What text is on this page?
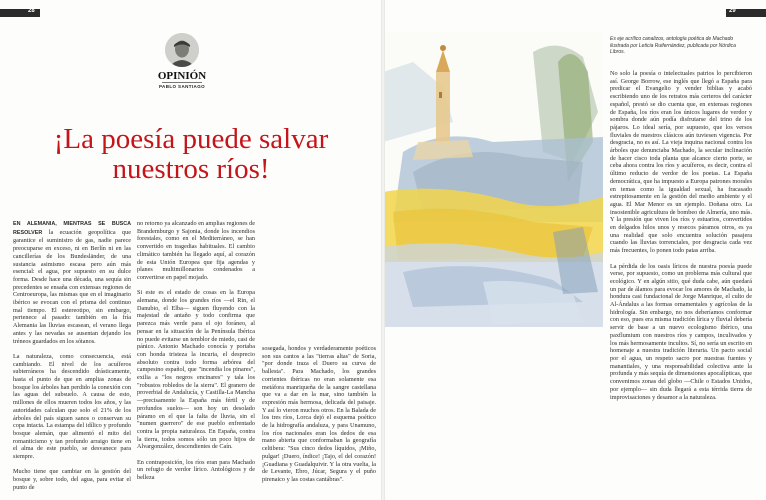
28
OPINIÓN
PABLO SANTIAGO
¡La poesía puede salvar nuestros ríos!

EN ALEMANIA, MIENTRAS SE BUSCA RESOLVER la ecuación geopolítica que garantice el suministro de gas, nadie parece preocuparse en exceso, ni en Berlín ni en las cancillerías de los Bundesländer, de una sustancia asimismo escasa pero aún más esencial: el agua, por supuesto en su dulce forma. Desde hace una década, una sequía sin precedentes se ensaña con extensas regiones de Centroeuropa, las mismas que en el imaginario ibérico se evocan con el prisma del continuo mal tiempo. El estereotipo, sin embargo, pertenece al pasado: también en la fría Alemania las lluvias escasean, el verano llega antes y las nevadas se ausentan dejando los tréneos guardados en los sótanos.

La naturaleza, como consecuencia, está cambiando. El nivel de los acuíferos subterráneos ha descendido drásticamente, hasta el punto de que en amplias zonas de bosque los árboles han perdido la conexión con las aguas del subsuelo. A causa de esto, millones de ellos mueren todos los años, y las autoridades calculan que solo el 21% de los árboles del país siguen sanos o conservan su copa intacta. La estampa del idílico y profundo bosque alemán, que alimentó el mito del romanticismo y tan profundo arraigo tiene en el alma de este pueblo, se desvanece para siempre.

Mucho tiene que cambiar en la gestión del bosque y, sobre todo, del agua, para evitar el punto de

no retorno ya alcanzado en amplias regiones de Brandemburgo y Sajonia, donde los incendios forestales, como en el Mediterráneo, se han convertido en tragedias habituales. El cambio climático también ha llegado aquí, al corazón de esta Unión Europea que fija agendas y planes multimillonarios condenados a convertirse en papel mojado.

Si este es el estado de cosas en la Europa alemana, donde los grandes ríos —el Rin, el Danubio, el Elba— siguen fluyendo con la majestad de antaño y todo confirma que parezca más verde para el ojo foráneo, al pensar en la situación de la Península Ibérica no puede evitarse un temblor de miedo, casi de pánico. Antonio Machado conocía y portaba con honda tristeza la incuria, el desprecio absoluto contra todo forma arbórea del campesino español, que "incendia los pinares", exilia a "los negros encinares" y tala los "robustos robledos de la sierra". El granero de proverbial de Andalucía, y Castilla-La Mancha —precisamente la España más fértil y de profundos suelos— son hoy un desolado páramo en el que la falta de lluvia, sin el "numen guerrero" de ese pueblo enfrentado contra la propia naturaleza. En España, contra la tierra, todos somos sólo un poco hijos de Alvargonzález, descendientes de Caín.

En contraposición, los ríos eran para Machado un refugio de verdor lírico. Antológicos y de belleza

sosegada, hondos y verdaderamente poéticos son sus cantos a las "tierras altas" de Soria, "por donde traza el Duero su curva de ballesta". Para Machado, los grandes corrientes ibéricas no eran solamente esa metáfora manriqueña de la sangre castellana que va a dar en la mar, sino también la expresión más hermosa, delicada del paisaje. Y así lo vieron muchos otros. En la Balada de los tres ríos, Lorca dejó el esquema poético de la hidrografía andaluza, y para Unamuno, los ríos nacionales eran los dedos de esa mano abierta que conformaban la geografía celtibera: "Sus cinco dedos líquidos, ¡Miño, pulgar! ¡Duero, índice! ¡Tajo, el del corazón! ¡Guadiana y Guadalquivir. Y la otra vuelta, la de Levante, Ebro, Júcar, Segura y el puño pirenaico y las costas cantábras".

29
Es eje acrílico canalizos, antología poética de Machado ilustrada por Leticia Ruifernández, publicada por Nórdica Libros.

No solo la poesía o intelectuales patrios lo percibieron así. George Borrow, ese inglés que llegó a España para predicar el Evangelio y vender biblias y acabó escribiendo uno de los retratos más certeros del carácter español, prestó se dio cuenta que, en extensas regiones de España, los ríos eran los únicos lugares de verdor y sombra donde aún podía disfrutarse del trino de los pájaros. Lo ideal sería, por supuesto, que los versos fluviales de nuestros clásicos aún tuviesen vigencia. Por desgracia, no es así. La vieja inquina nacional contra los árboles que denunciaba Machado, la secular inclinación de hacer cisco toda planta que alcance cierto porte, se ceba ahora contra los ríos y acuíferos, es decir, contra el último reducto de verdor de los poetas. La España democrática, que ha impuesto a Europa patrones morales en temas como la igualdad sexual, ha fracasado estrepitosamente en la gestión del medio ambiente y el agua. El Mar Menor es un ejemplo. Doñana otro. La insostenible agricultura de bombeo de Almería, uno más. Y la presión que viven los ríos y estuarios, convertidos en delgados hilos unos y resecos páramos otros, es ya una realidad que solo encuentra solución pasajera cuando las lluvias torrenciales, por desgracia cada vez más frecuentes, lo ponen todo patas arriba.

La pérdida de los oasis líricos de nuestra poesía puede verse, por supuesto, como un problema más cultural que ecológico. Y en algún sitio, qué duda cabe, aún quedará un par de álamos para evocar los amores de Machado, la hondura casi fundacional de Jorge Manrique, el culto de Al-Ándalus a las formas ornamentales y agrícolas de la hidrología. Sin embargo, no nos deberíamos conformar con eso, pues era misma tradición lírica y fluvial debería servir de base a un nuevo ecologismo ibérico, una paxflumium con nuestros ríos y campos, inculivados y los más hermosamente incultos. Sí, no sería un escrito en homenaje a nuestra tradición literaria. Un pacto social por el agua, un respeto sacro por nuestras fuentes y manantiales, y una responsabilidad colectiva ante la profunda y más sequía de dimensiones apocalípticas, que convenimos zonas del globo —Chile o Estados Unidos, por ejemplo— sin duda llegará a esta térrida tierra de improvisaciones y desamor a la naturaleza.
